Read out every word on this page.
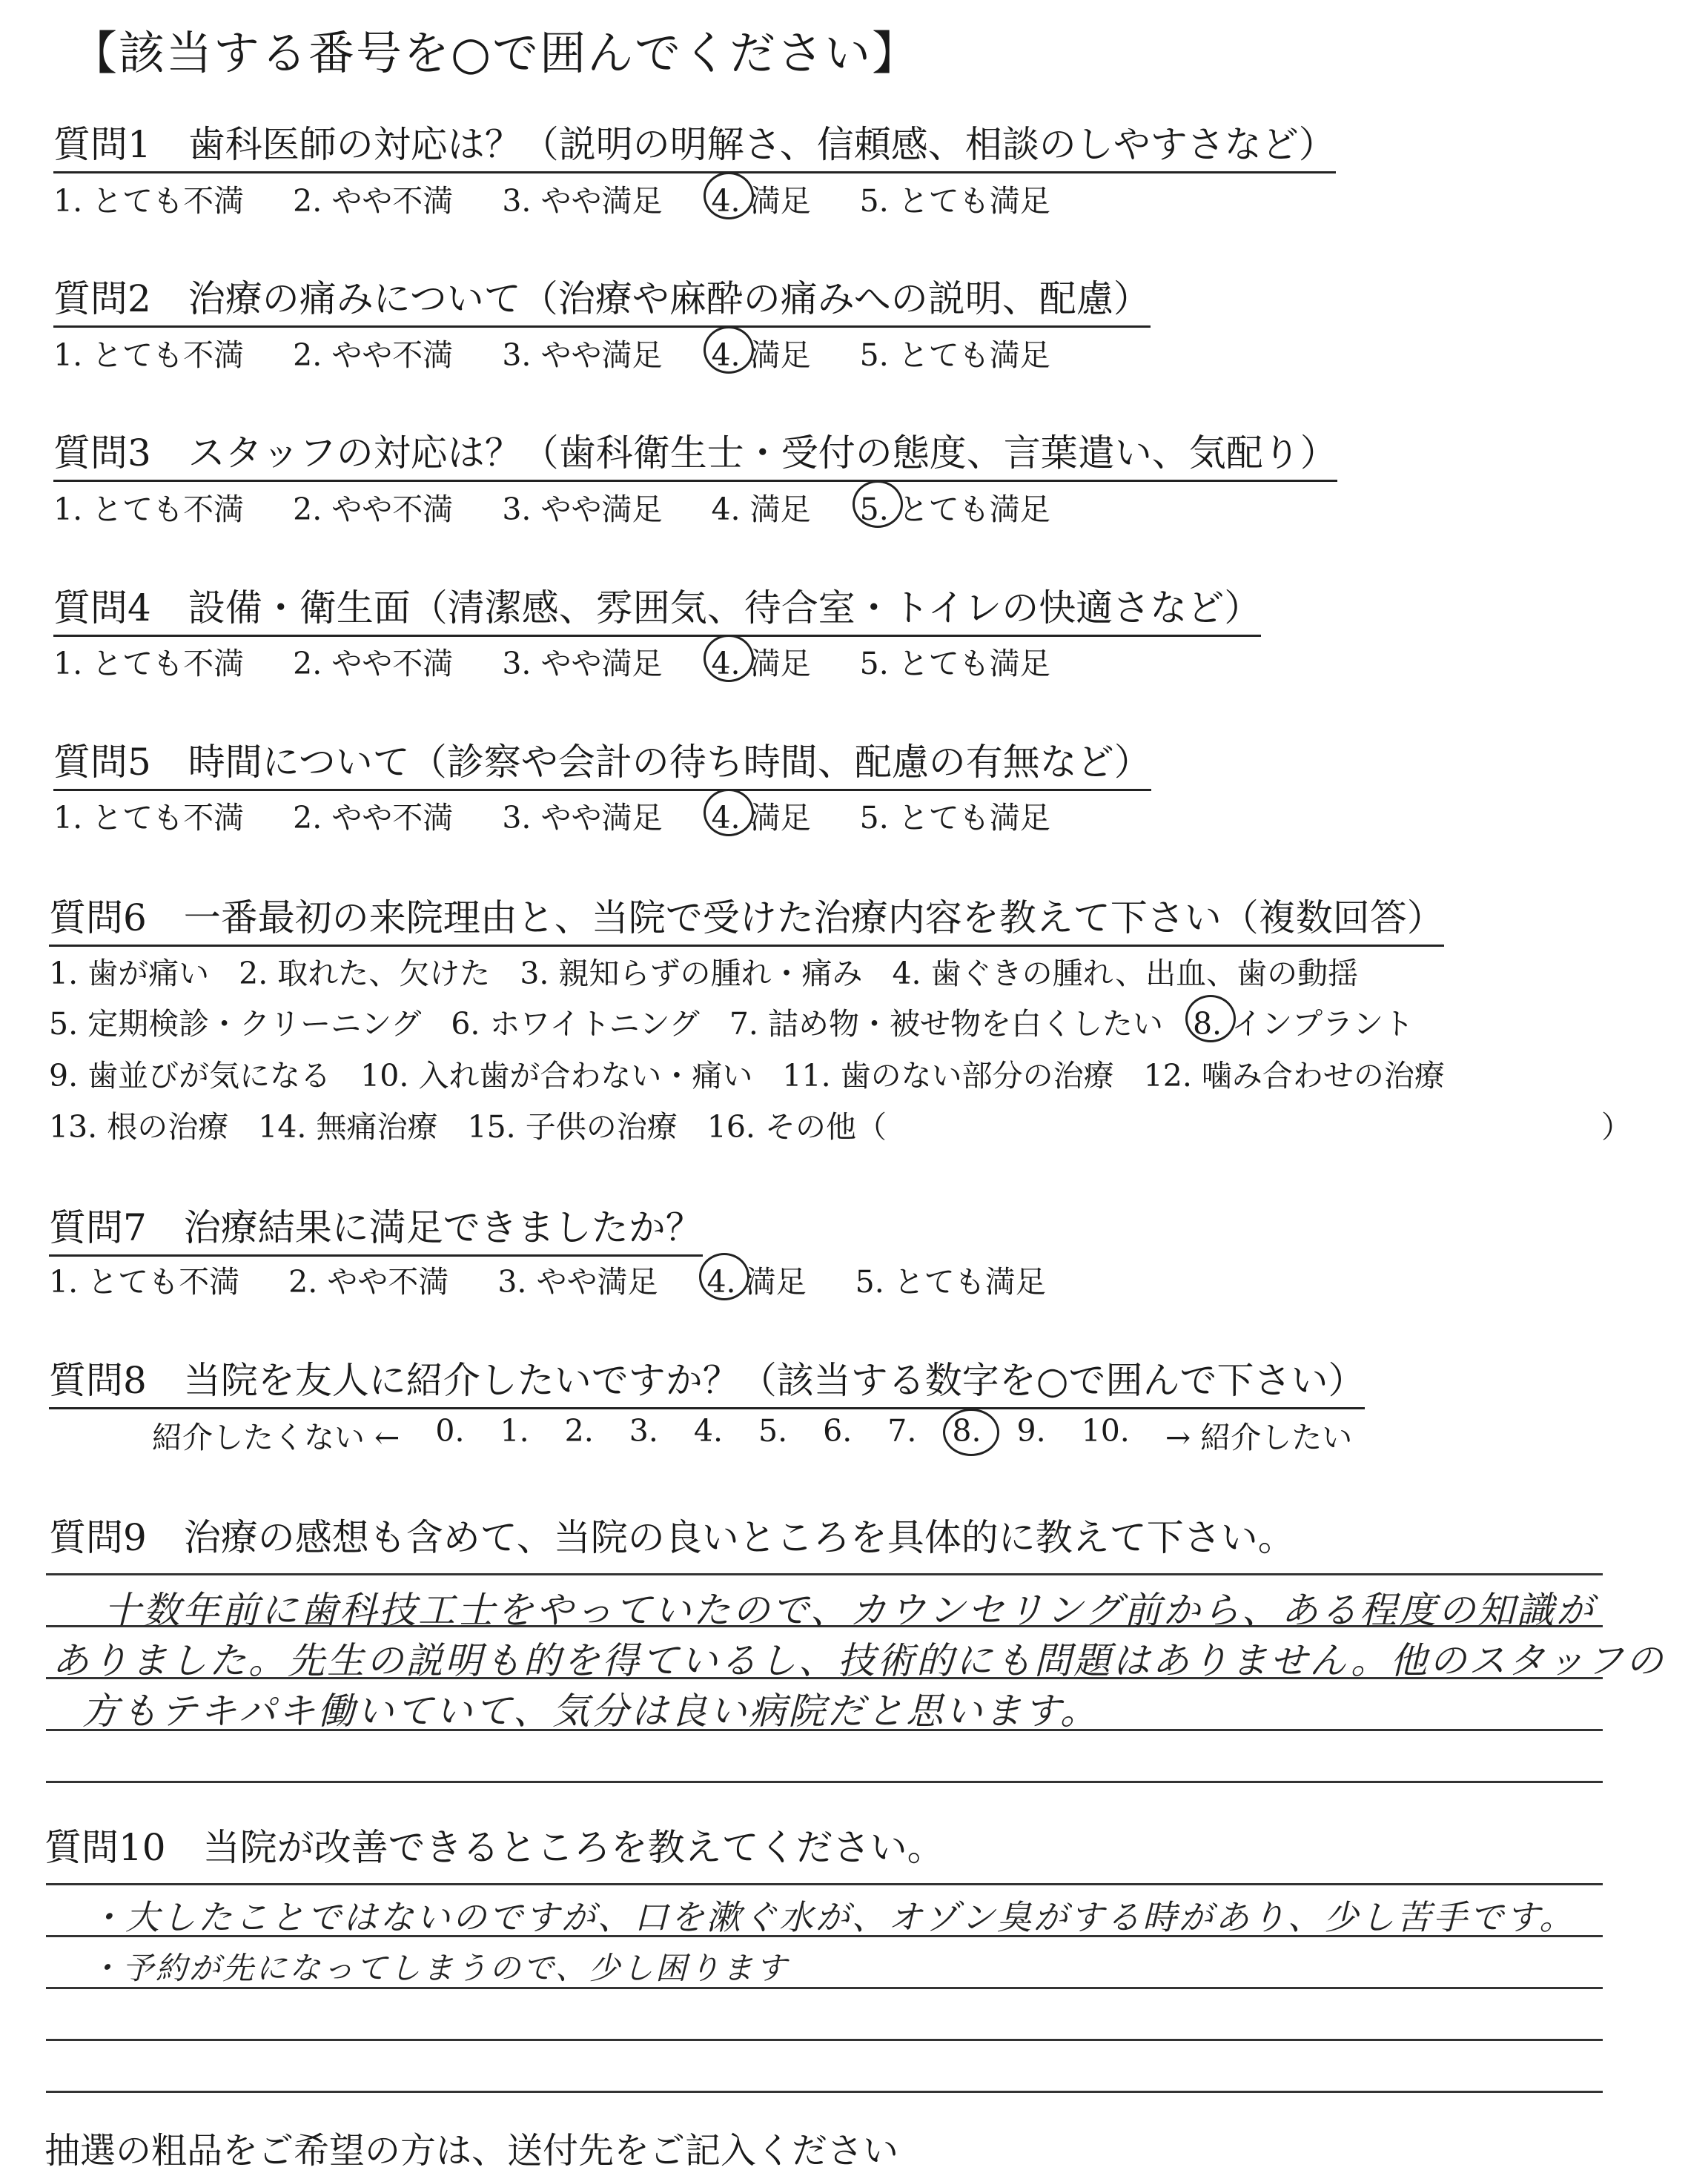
【該当する番号を○で囲んでください】
質問1　歯科医師の対応は？（説明の明解さ、信頼感、相談のしやすさなど）
1. とても不満 2. やや不満 3. やや満足 4. 満足 5. とても満足
質問2　治療の痛みについて（治療や麻酔の痛みへの説明、配慮）
1. とても不満 2. やや不満 3. やや満足 4. 満足 5. とても満足
質問3　スタッフの対応は？（歯科衛生士・受付の態度、言葉遣い、気配り）
1. とても不満 2. やや不満 3. やや満足 4. 満足 5. とても満足
質問4　設備・衛生面（清潔感、雰囲気、待合室・トイレの快適さなど）
1. とても不満 2. やや不満 3. やや満足 4. 満足 5. とても満足
質問5　時間について（診察や会計の待ち時間、配慮の有無など）
1. とても不満 2. やや不満 3. やや満足 4. 満足 5. とても満足
質問6　一番最初の来院理由と、当院で受けた治療内容を教えて下さい（複数回答）
1. 歯が痛い 2. 取れた、欠けた 3. 親知らずの腫れ・痛み 4. 歯ぐきの腫れ、出血、歯の動揺
5. 定期検診・クリーニング 6. ホワイトニング 7. 詰め物・被せ物を白くしたい 8. インプラント
9. 歯並びが気になる 10. 入れ歯が合わない・痛い 11. 歯のない部分の治療 12. 噛み合わせの治療
13. 根の治療 14. 無痛治療 15. 子供の治療 16. その他（	）
質問7　治療結果に満足できましたか？
1. とても不満 2. やや不満 3. やや満足 4. 満足 5. とても満足
質問8　当院を友人に紹介したいですか？（該当する数字を○で囲んで下さい）
紹介したくない ← 0. 1. 2. 3. 4. 5. 6. 7. 8. 9. 10. → 紹介したい
質問9　治療の感想も含めて、当院の良いところを具体的に教えて下さい。
十数年前に歯科技工士をやっていたので、カウンセリング前から、ある程度の知識が
ありました。先生の説明も的を得ているし、技術的にも問題はありません。他のスタッフの
方もテキパキ働いていて、気分は良い病院だと思います。
質問10　当院が改善できるところを教えてください。
・大したことではないのですが、口を漱ぐ水が、オゾン臭がする時があり、少し苦手です。
・予約が先になってしまうので、少し困ります
抽選の粗品をご希望の方は、送付先をご記入ください
